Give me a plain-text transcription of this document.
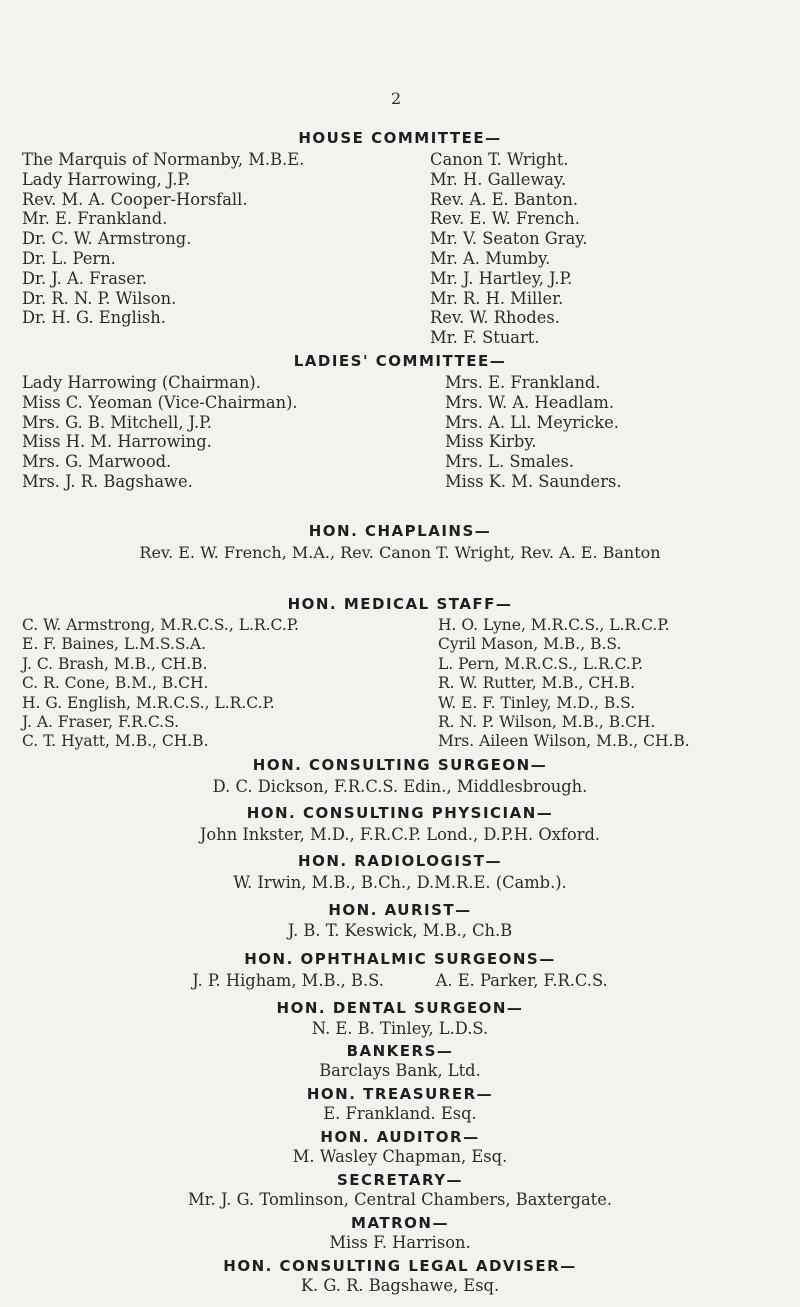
2
HOUSE COMMITTEE—
The Marquis of Normanby, M.B.E.
Lady Harrowing, J.P.
Rev. M. A. Cooper-Horsfall.
Mr. E. Frankland.
Dr. C. W. Armstrong.
Dr. L. Pern.
Dr. J. A. Fraser.
Dr. R. N. P. Wilson.
Dr. H. G. English.
Canon T. Wright.
Mr. H. Galleway.
Rev. A. E. Banton.
Rev. E. W. French.
Mr. V. Seaton Gray.
Mr. A. Mumby.
Mr. J. Hartley, J.P.
Mr. R. H. Miller.
Rev. W. Rhodes.
Mr. F. Stuart.
LADIES' COMMITTEE—
Lady Harrowing (Chairman).
Miss C. Yeoman (Vice-Chairman).
Mrs. G. B. Mitchell, J.P.
Miss H. M. Harrowing.
Mrs. G. Marwood.
Mrs. J. R. Bagshawe.
Mrs. E. Frankland.
Mrs. W. A. Headlam.
Mrs. A. Ll. Meyricke.
Miss Kirby.
Mrs. L. Smales.
Miss K. M. Saunders.
HON. CHAPLAINS—
Rev. E. W. French, M.A., Rev. Canon T. Wright, Rev. A. E. Banton
HON. MEDICAL STAFF—
C. W. Armstrong, M.R.C.S., L.R.C.P.
E. F. Baines, L.M.S.S.A.
J. C. Brash, M.B., CH.B.
C. R. Cone, B.M., B.CH.
H. G. English, M.R.C.S., L.R.C.P.
J. A. Fraser, F.R.C.S.
C. T. Hyatt, M.B., CH.B.
H. O. Lyne, M.R.C.S., L.R.C.P.
Cyril Mason, M.B., B.S.
L. Pern, M.R.C.S., L.R.C.P.
R. W. Rutter, M.B., CH.B.
W. E. F. Tinley, M.D., B.S.
R. N. P. Wilson, M.B., B.CH.
Mrs. Aileen Wilson, M.B., CH.B.
HON. CONSULTING SURGEON—
D. C. Dickson, F.R.C.S. Edin., Middlesbrough.
HON. CONSULTING PHYSICIAN—
John Inkster, M.D., F.R.C.P. Lond., D.P.H. Oxford.
HON. RADIOLOGIST—
W. Irwin, M.B., B.Ch., D.M.R.E. (Camb.).
HON. AURIST—
J. B. T. Keswick, M.B., Ch.B
HON. OPHTHALMIC SURGEONS—
J. P. Higham, M.B., B.S.          A. E. Parker, F.R.C.S.
HON. DENTAL SURGEON—
N. E. B. Tinley, L.D.S.
BANKERS—
Barclays Bank, Ltd.
HON. TREASURER—
E. Frankland. Esq.
HON. AUDITOR—
M. Wasley Chapman, Esq.
SECRETARY—
Mr. J. G. Tomlinson, Central Chambers, Baxtergate.
MATRON—
Miss F. Harrison.
HON. CONSULTING LEGAL ADVISER—
K. G. R. Bagshawe, Esq.
